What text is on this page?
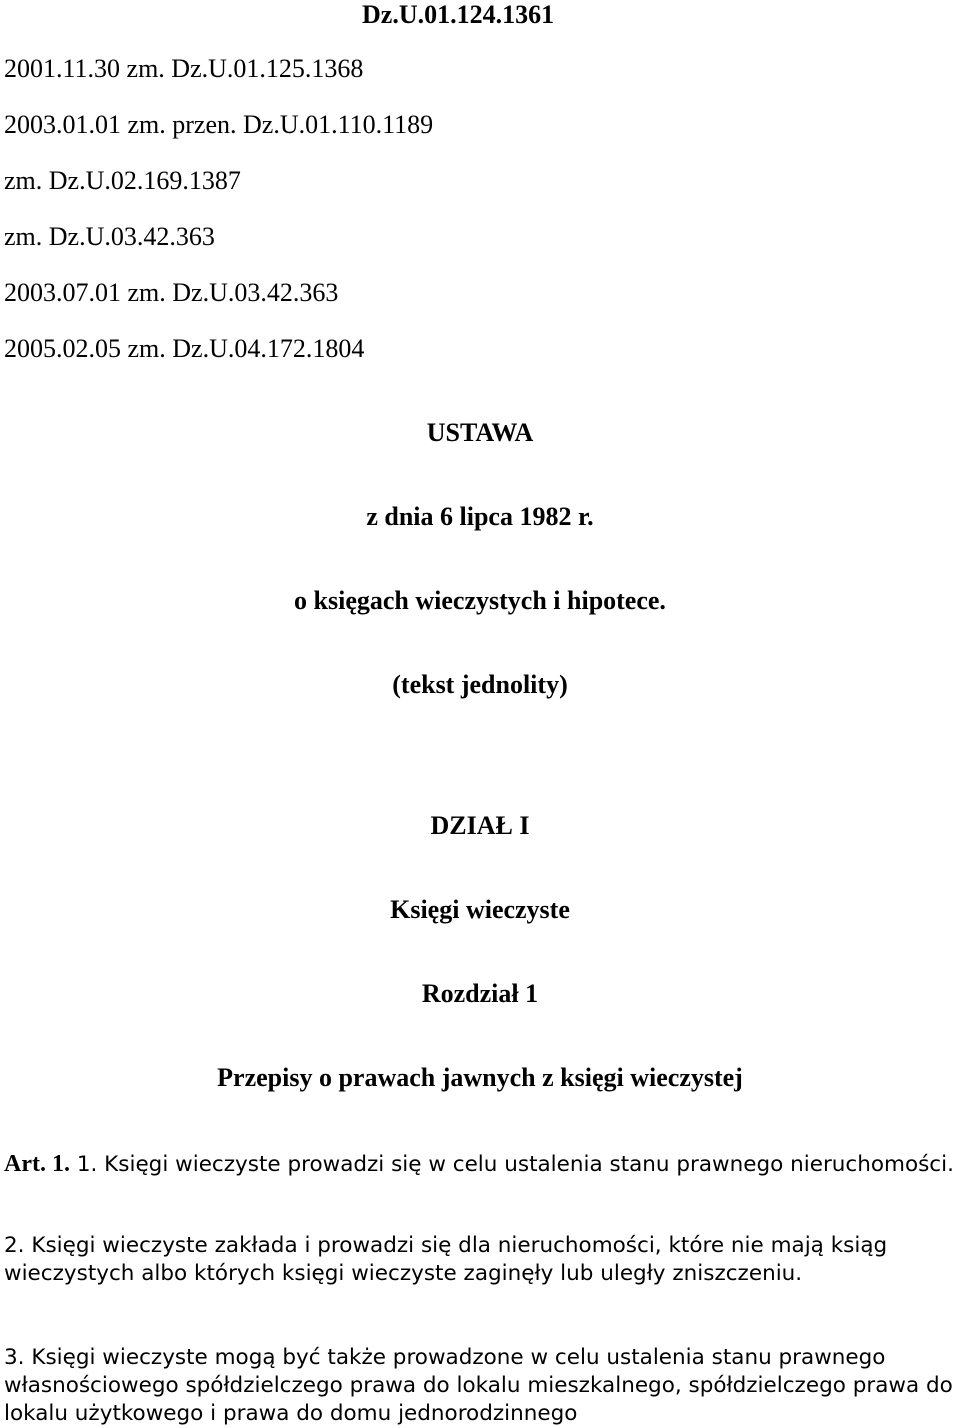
Dz.U.01.124.1361
2001.11.30 zm. Dz.U.01.125.1368
2003.01.01 zm. przen. Dz.U.01.110.1189
zm. Dz.U.02.169.1387
zm. Dz.U.03.42.363
2003.07.01 zm. Dz.U.03.42.363
2005.02.05 zm. Dz.U.04.172.1804
USTAWA
z dnia 6 lipca 1982 r.
o księgach wieczystych i hipotece.
(tekst jednolity)
DZIAŁ I
Księgi wieczyste
Rozdział 1
Przepisy o prawach jawnych z księgi wieczystej
Art. 1. 1. Księgi wieczyste prowadzi się w celu ustalenia stanu prawnego nieruchomości.
2. Księgi wieczyste zakłada i prowadzi się dla nieruchomości, które nie mają ksiąg wieczystych albo których księgi wieczyste zaginęły lub uległy zniszczeniu.
3. Księgi wieczyste mogą być także prowadzone w celu ustalenia stanu prawnego własnościowego spółdzielczego prawa do lokalu mieszkalnego, spółdzielczego prawa do lokalu użytkowego i prawa do domu jednorodzinnego
